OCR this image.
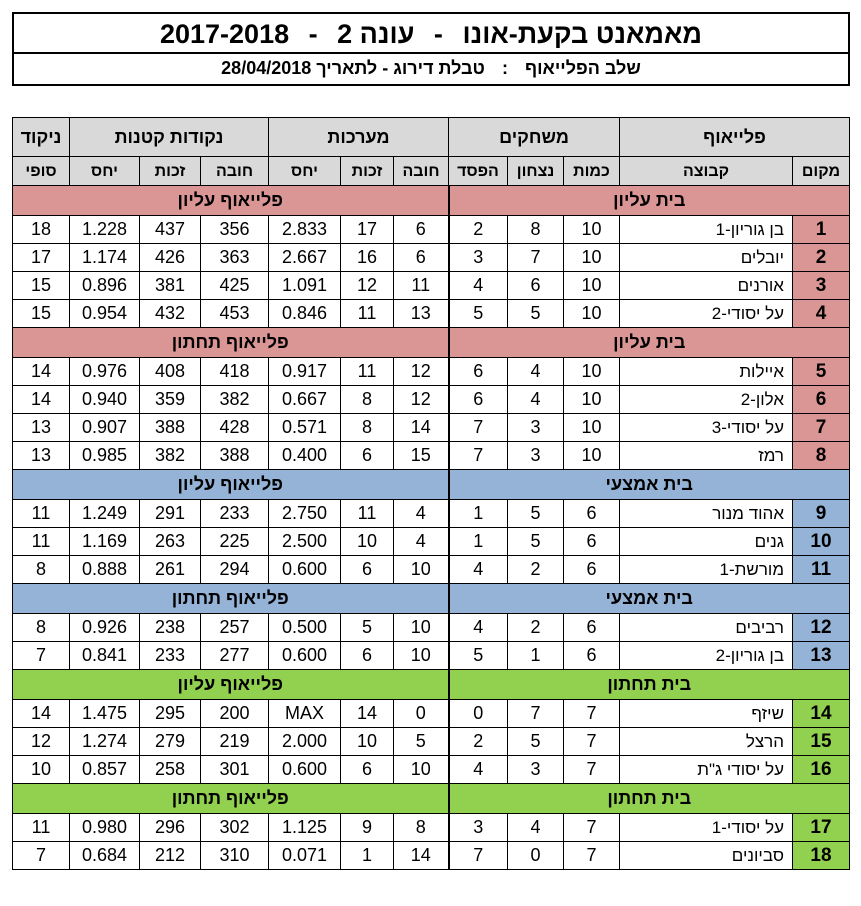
מאמאנט בקעת-אונו - עונה 2 - 2017-2018
שלב הפלייאוף : טבלת דירוג - לתאריך 28/04/2018
פלייאוף		משחקים			מערכות			נקודות קטנות			ניקוד
מקום	קבוצה	כמות	נצחון	הפסד	חובה	זכות	יחס	חובה	זכות	יחס	סופי
בית עליון					פלייאוף עליון						
1	בן גוריון-1	10	8	2	6	17	2.833	356	437	1.228	18
2	יובלים	10	7	3	6	16	2.667	363	426	1.174	17
3	אורנים	10	6	4	11	12	1.091	425	381	0.896	15
4	על יסודי-2	10	5	5	13	11	0.846	453	432	0.954	15
בית עליון					פלייאוף תחתון						
5	איילות	10	4	6	12	11	0.917	418	408	0.976	14
6	אלון-2	10	4	6	12	8	0.667	382	359	0.940	14
7	על יסודי-3	10	3	7	14	8	0.571	428	388	0.907	13
8	רמז	10	3	7	15	6	0.400	388	382	0.985	13
בית אמצעי					פלייאוף עליון						
9	אהוד מנור	6	5	1	4	11	2.750	233	291	1.249	11
10	גנים	6	5	1	4	10	2.500	225	263	1.169	11
11	מורשת-1	6	2	4	10	6	0.600	294	261	0.888	8
בית אמצעי					פלייאוף תחתון						
12	רביבים	6	2	4	10	5	0.500	257	238	0.926	8
13	בן גוריון-2	6	1	5	10	6	0.600	277	233	0.841	7
בית תחתון					פלייאוף עליון						
14	שיזף	7	7	0	0	14	MAX	200	295	1.475	14
15	הרצל	7	5	2	5	10	2.000	219	279	1.274	12
16	על יסודי ג"ת	7	3	4	10	6	0.600	301	258	0.857	10
בית תחתון					פלייאוף תחתון						
17	על יסודי-1	7	4	3	8	9	1.125	302	296	0.980	11
18	סביונים	7	0	7	14	1	0.071	310	212	0.684	7
